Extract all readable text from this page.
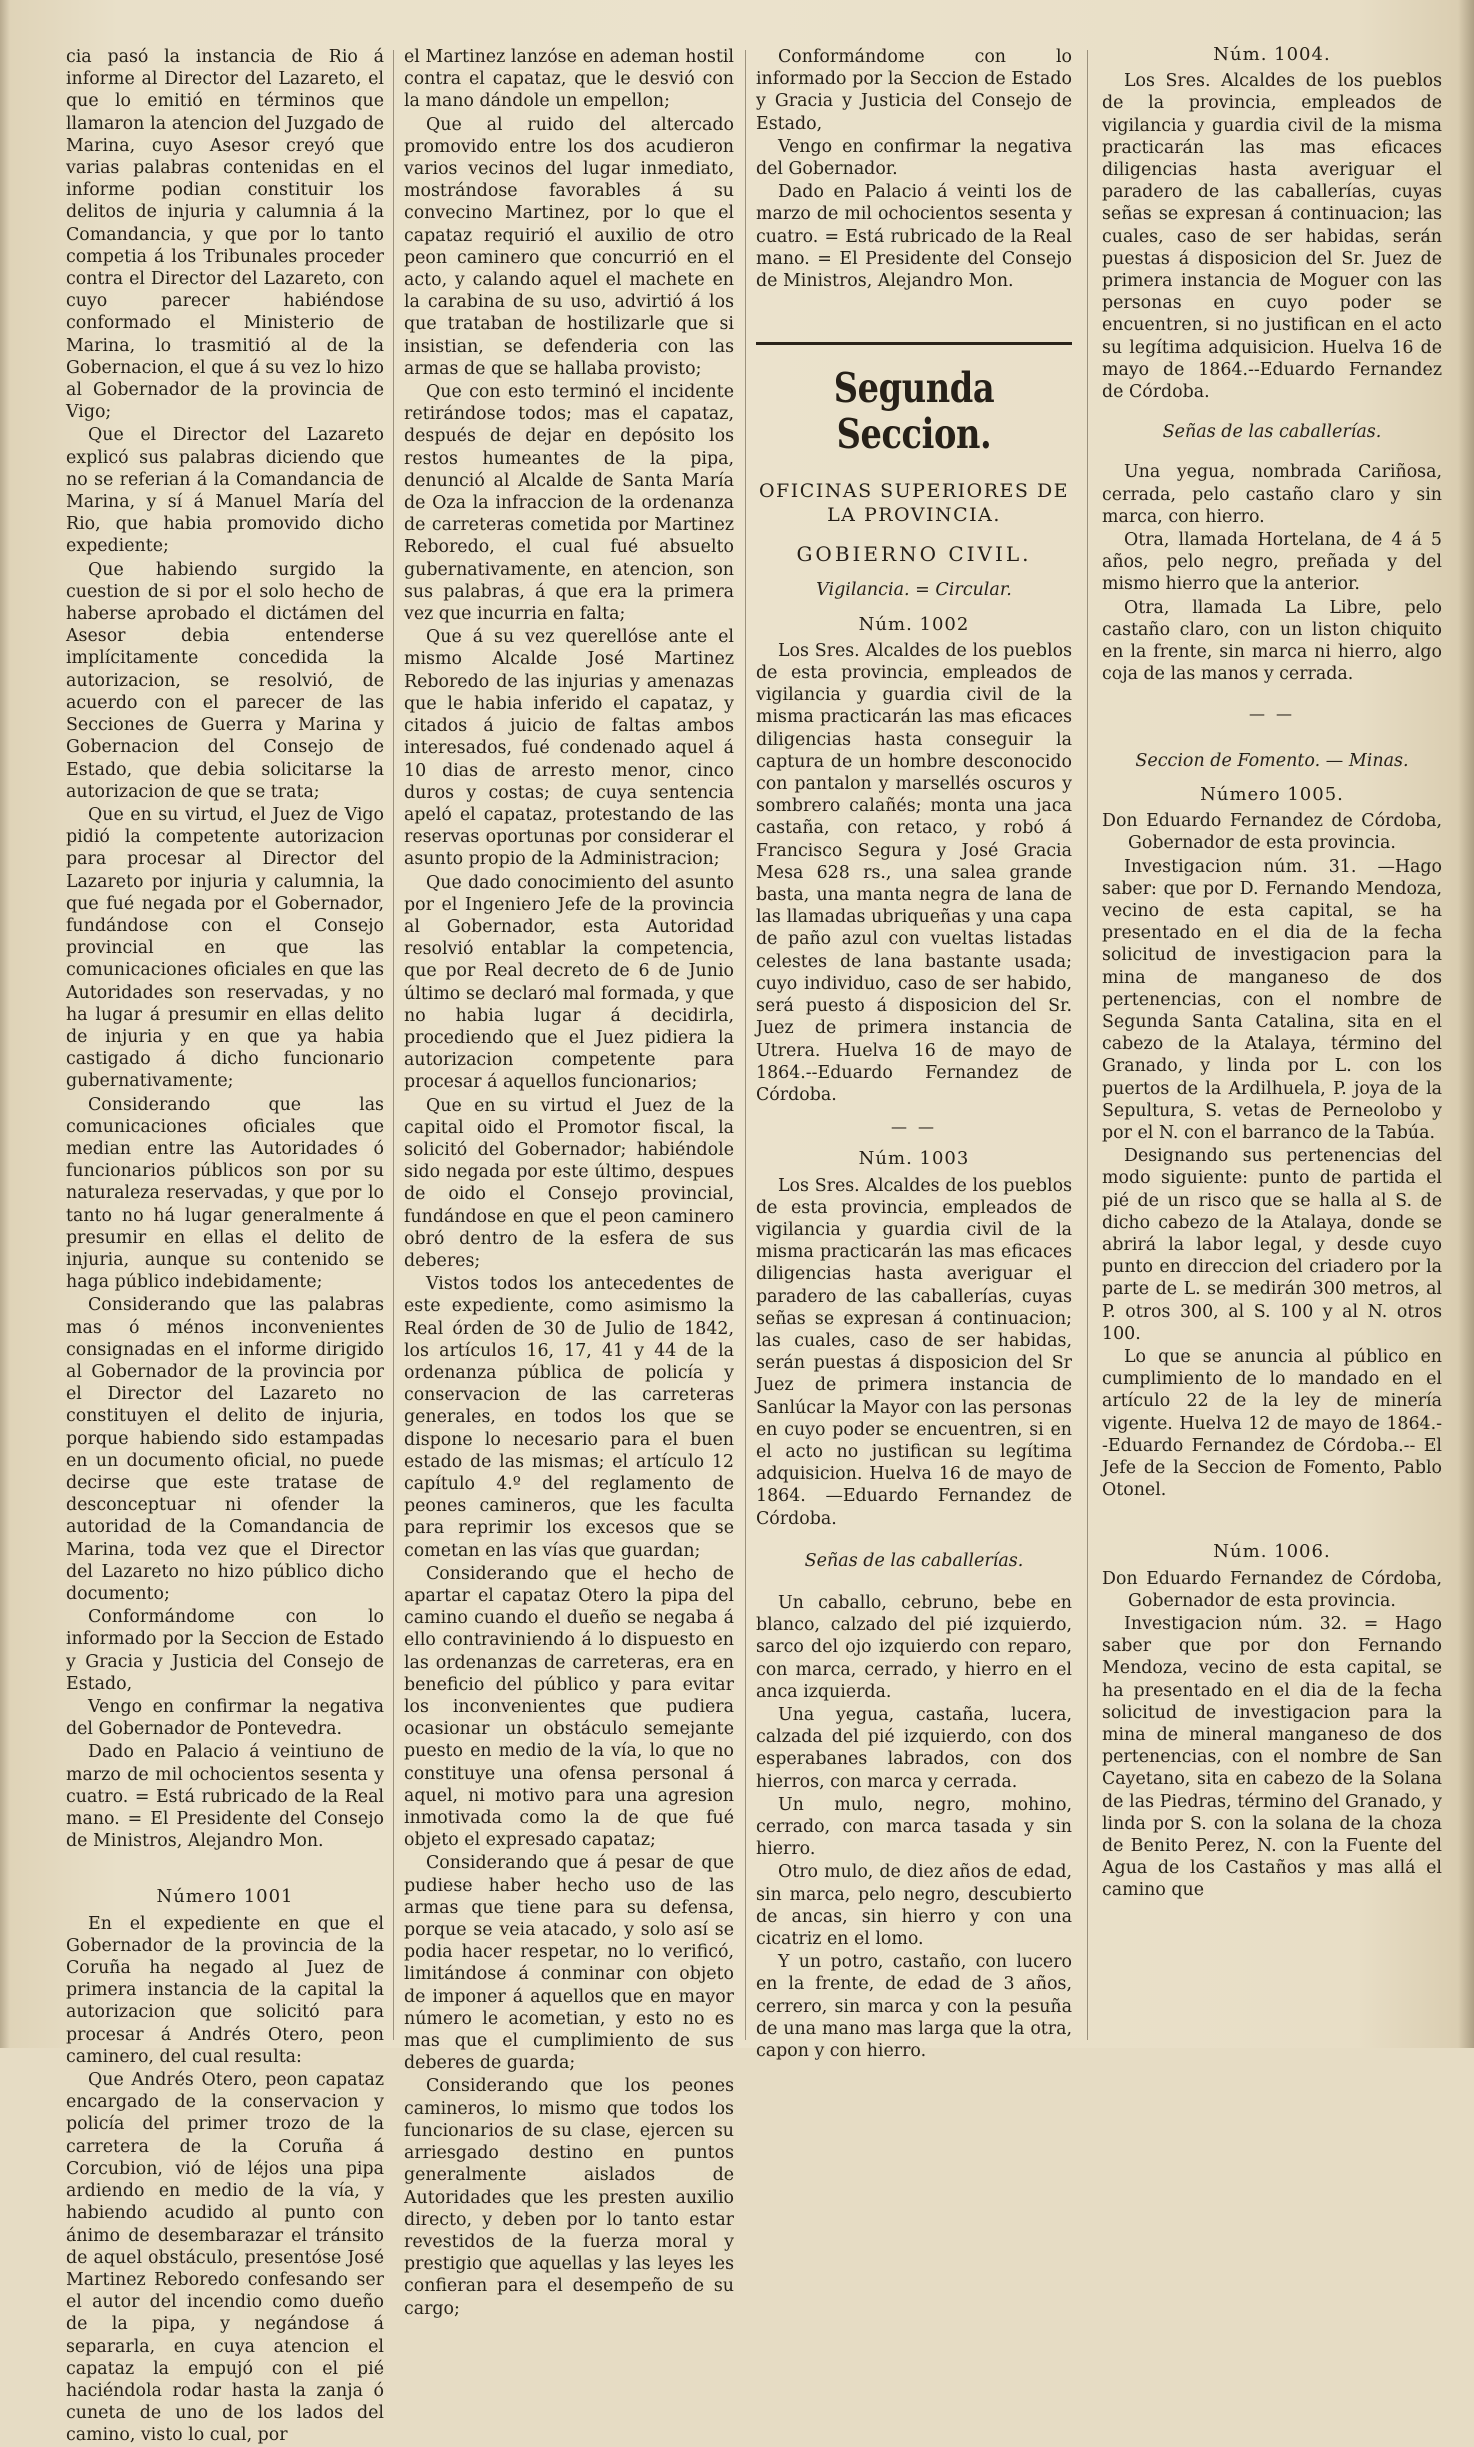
cia pasó la instancia de Rio á informe al Director del Lazareto, el que lo emitió en términos que llamaron la atencion del Juzgado de Marina, cuyo Asesor creyó que varias palabras contenidas en el informe podian constituir los delitos de injuria y calumnia á la Comandancia, y que por lo tanto competia á los Tribunales proceder contra el Director del Lazareto, con cuyo parecer habiéndose conformado el Ministerio de Marina, lo trasmitió al de la Gobernacion, el que á su vez lo hizo al Gobernador de la provincia de Vigo;

Que el Director del Lazareto explicó sus palabras diciendo que no se referian á la Comandancia de Marina, y sí á Manuel María del Rio, que habia promovido dicho expediente;

Que habiendo surgido la cuestion de si por el solo hecho de haberse aprobado el dictámen del Asesor debia entenderse implícitamente concedida la autorizacion, se resolvió, de acuerdo con el parecer de las Secciones de Guerra y Marina y Gobernacion del Consejo de Estado, que debia solicitarse la autorizacion de que se trata;

Que en su virtud, el Juez de Vigo pidió la competente autorizacion para procesar al Director del Lazareto por injuria y calumnia, la que fué negada por el Gobernador, fundándose con el Consejo provincial en que las comunicaciones oficiales en que las Autoridades son reservadas, y no ha lugar á presumir en ellas delito de injuria y en que ya habia castigado á dicho funcionario gubernativamente;

Considerando que las comunicaciones oficiales que median entre las Autoridades ó funcionarios públicos son por su naturaleza reservadas, y que por lo tanto no há lugar generalmente á presumir en ellas el delito de injuria, aunque su contenido se haga público indebidamente;

Considerando que las palabras mas ó ménos inconvenientes consignadas en el informe dirigido al Gobernador de la provincia por el Director del Lazareto no constituyen el delito de injuria, porque habiendo sido estampadas en un documento oficial, no puede decirse que este tratase de desconceptuar ni ofender la autoridad de la Comandancia de Marina, toda vez que el Director del Lazareto no hizo público dicho documento;

Conformándome con lo informado por la Seccion de Estado y Gracia y Justicia del Consejo de Estado,

Vengo en confirmar la negativa del Gobernador de Pontevedra.

Dado en Palacio á veintiuno de marzo de mil ochocientos sesenta y cuatro. = Está rubricado de la Real mano. = El Presidente del Consejo de Ministros, Alejandro Mon.

Número 1001

En el expediente en que el Gobernador de la provincia de la Coruña ha negado al Juez de primera instancia de la capital la autorizacion que solicitó para procesar á Andrés Otero, peon caminero, del cual resulta:

Que Andrés Otero, peon capataz encargado de la conservacion y policía del primer trozo de la carretera de la Coruña á Corcubion, vió de léjos una pipa ardiendo en medio de la vía, y habiendo acudido al punto con ánimo de desembarazar el tránsito de aquel obstáculo, presentóse José Martinez Reboredo confesando ser el autor del incendio como dueño de la pipa, y negándose á separarla, en cuya atencion el capataz la empujó con el pié haciéndola rodar hasta la zanja ó cuneta de uno de los lados del camino, visto lo cual, por

el Martinez lanzóse en ademan hostil contra el capataz, que le desvió con la mano dándole un empellon;

Que al ruido del altercado promovido entre los dos acudieron varios vecinos del lugar inmediato, mostrándose favorables á su convecino Martinez, por lo que el capataz requirió el auxilio de otro peon caminero que concurrió en el acto, y calando aquel el machete en la carabina de su uso, advirtió á los que trataban de hostilizarle que si insistian, se defenderia con las armas de que se hallaba provisto;

Que con esto terminó el incidente retirándose todos; mas el capataz, después de dejar en depósito los restos humeantes de la pipa, denunció al Alcalde de Santa María de Oza la infraccion de la ordenanza de carreteras cometida por Martinez Reboredo, el cual fué absuelto gubernativamente, en atencion, son sus palabras, á que era la primera vez que incurria en falta;

Que á su vez querellóse ante el mismo Alcalde José Martinez Reboredo de las injurias y amenazas que le habia inferido el capataz, y citados á juicio de faltas ambos interesados, fué condenado aquel á 10 dias de arresto menor, cinco duros y costas; de cuya sentencia apeló el capataz, protestando de las reservas oportunas por considerar el asunto propio de la Administracion;

Que dado conocimiento del asunto por el Ingeniero Jefe de la provincia al Gobernador, esta Autoridad resolvió entablar la competencia, que por Real decreto de 6 de Junio último se declaró mal formada, y que no habia lugar á decidirla, procediendo que el Juez pidiera la autorizacion competente para procesar á aquellos funcionarios;

Que en su virtud el Juez de la capital oido el Promotor fiscal, la solicitó del Gobernador; habiéndole sido negada por este último, despues de oido el Consejo provincial, fundándose en que el peon caminero obró dentro de la esfera de sus deberes;

Vistos todos los antecedentes de este expediente, como asimismo la Real órden de 30 de Julio de 1842, los artículos 16, 17, 41 y 44 de la ordenanza pública de policía y conservacion de las carreteras generales, en todos los que se dispone lo necesario para el buen estado de las mismas; el artículo 12 capítulo 4.º del reglamento de peones camineros, que les faculta para reprimir los excesos que se cometan en las vías que guardan;

Considerando que el hecho de apartar el capataz Otero la pipa del camino cuando el dueño se negaba á ello contraviniendo á lo dispuesto en las ordenanzas de carreteras, era en beneficio del público y para evitar los inconvenientes que pudiera ocasionar un obstáculo semejante puesto en medio de la vía, lo que no constituye una ofensa personal á aquel, ni motivo para una agresion inmotivada como la de que fué objeto el expresado capataz;

Considerando que á pesar de que pudiese haber hecho uso de las armas que tiene para su defensa, porque se veia atacado, y solo así se podia hacer respetar, no lo verificó, limitándose á conminar con objeto de imponer á aquellos que en mayor número le acometian, y esto no es mas que el cumplimiento de sus deberes de guarda;

Considerando que los peones camineros, lo mismo que todos los funcionarios de su clase, ejercen su arriesgado destino en puntos generalmente aislados de Autoridades que les presten auxilio directo, y deben por lo tanto estar revestidos de la fuerza moral y prestigio que aquellas y las leyes les confieran para el desempeño de su cargo;

Conformándome con lo informado por la Seccion de Estado y Gracia y Justicia del Consejo de Estado,

Vengo en confirmar la negativa del Gobernador.

Dado en Palacio á veinti los de marzo de mil ochocientos sesenta y cuatro. = Está rubricado de la Real mano. = El Presidente del Consejo de Ministros, Alejandro Mon.

Segunda Seccion.
OFICINAS SUPERIORES DE LA PROVINCIA.
GOBIERNO CIVIL.
Vigilancia. = Circular.
Núm. 1002

Los Sres. Alcaldes de los pueblos de esta provincia, empleados de vigilancia y guardia civil de la misma practicarán las mas eficaces diligencias hasta conseguir la captura de un hombre desconocido con pantalon y marsellés oscuros y sombrero calañés; monta una jaca castaña, con retaco, y robó á Francisco Segura y José Gracia Mesa 628 rs., una salea grande basta, una manta negra de lana de las llamadas ubriqueñas y una capa de paño azul con vueltas listadas celestes de lana bastante usada; cuyo individuo, caso de ser habido, será puesto á disposicion del Sr. Juez de primera instancia de Utrera. Huelva 16 de mayo de 1864.--Eduardo Fernandez de Córdoba.

— —
Núm. 1003

Los Sres. Alcaldes de los pueblos de esta provincia, empleados de vigilancia y guardia civil de la misma practicarán las mas eficaces diligencias hasta averiguar el paradero de las caballerías, cuyas señas se expresan á continuacion; las cuales, caso de ser habidas, serán puestas á disposicion del Sr Juez de primera instancia de Sanlúcar la Mayor con las personas en cuyo poder se encuentren, si en el acto no justifican su legítima adquisicion. Huelva 16 de mayo de 1864. —Eduardo Fernandez de Córdoba.

Señas de las caballerías.

Un caballo, cebruno, bebe en blanco, calzado del pié izquierdo, sarco del ojo izquierdo con reparo, con marca, cerrado, y hierro en el anca izquierda.

Una yegua, castaña, lucera, calzada del pié izquierdo, con dos esperabanes labrados, con dos hierros, con marca y cerrada.

Un mulo, negro, mohino, cerrado, con marca tasada y sin hierro.

Otro mulo, de diez años de edad, sin marca, pelo negro, descubierto de ancas, sin hierro y con una cicatriz en el lomo.

Y un potro, castaño, con lucero en la frente, de edad de 3 años, cerrero, sin marca y con la pesuña de una mano mas larga que la otra, capon y con hierro.

Núm. 1004.

Los Sres. Alcaldes de los pueblos de la provincia, empleados de vigilancia y guardia civil de la misma practicarán las mas eficaces diligencias hasta averiguar el paradero de las caballerías, cuyas señas se expresan á continuacion; las cuales, caso de ser habidas, serán puestas á disposicion del Sr. Juez de primera instancia de Moguer con las personas en cuyo poder se encuentren, si no justifican en el acto su legítima adquisicion. Huelva 16 de mayo de 1864.--Eduardo Fernandez de Córdoba.

Señas de las caballerías.

Una yegua, nombrada Cariñosa, cerrada, pelo castaño claro y sin marca, con hierro.

Otra, llamada Hortelana, de 4 á 5 años, pelo negro, preñada y del mismo hierro que la anterior.

Otra, llamada La Libre, pelo castaño claro, con un liston chiquito en la frente, sin marca ni hierro, algo coja de las manos y cerrada.

— —
Seccion de Fomento. — Minas.
Número 1005.

Don Eduardo Fernandez de Córdoba, Gobernador de esta provincia.

Investigacion núm. 31. —Hago saber: que por D. Fernando Mendoza, vecino de esta capital, se ha presentado en el dia de la fecha solicitud de investigacion para la mina de manganeso de dos pertenencias, con el nombre de Segunda Santa Catalina, sita en el cabezo de la Atalaya, término del Granado, y linda por L. con los puertos de la Ardilhuela, P. joya de la Sepultura, S. vetas de Perneolobo y por el N. con el barranco de la Tabúa.

Designando sus pertenencias del modo siguiente: punto de partida el pié de un risco que se halla al S. de dicho cabezo de la Atalaya, donde se abrirá la labor legal, y desde cuyo punto en direccion del criadero por la parte de L. se medirán 300 metros, al P. otros 300, al S. 100 y al N. otros 100.

Lo que se anuncia al público en cumplimiento de lo mandado en el artículo 22 de la ley de minería vigente. Huelva 12 de mayo de 1864.--Eduardo Fernandez de Córdoba.-- El Jefe de la Seccion de Fomento, Pablo Otonel.

Núm. 1006.

Don Eduardo Fernandez de Córdoba, Gobernador de esta provincia.

Investigacion núm. 32. = Hago saber que por don Fernando Mendoza, vecino de esta capital, se ha presentado en el dia de la fecha solicitud de investigacion para la mina de mineral manganeso de dos pertenencias, con el nombre de San Cayetano, sita en cabezo de la Solana de las Piedras, término del Granado, y linda por S. con la solana de la choza de Benito Perez, N. con la Fuente del Agua de los Castaños y mas allá el camino que
